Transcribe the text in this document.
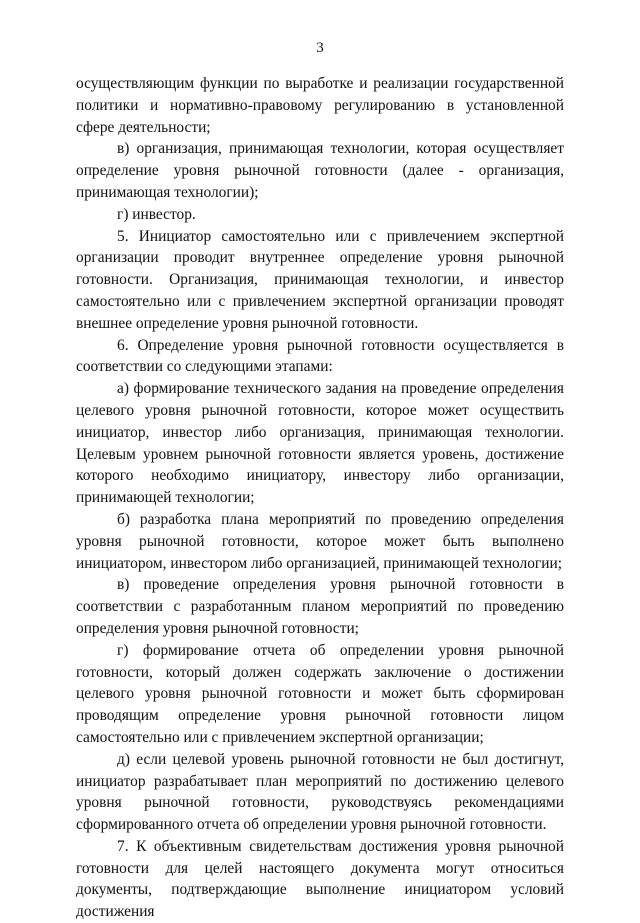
3

осуществляющим функции по выработке и реализации государственной политики и нормативно-правовому регулированию в установленной сфере деятельности;

в) организация, принимающая технологии, которая осуществляет определение уровня рыночной готовности (далее - организация, принимающая технологии);

г) инвестор.

5. Инициатор самостоятельно или с привлечением экспертной организации проводит внутреннее определение уровня рыночной готовности. Организация, принимающая технологии, и инвестор самостоятельно или с привлечением экспертной организации проводят внешнее определение уровня рыночной готовности.

6. Определение уровня рыночной готовности осуществляется в соответствии со следующими этапами:

а) формирование технического задания на проведение определения целевого уровня рыночной готовности, которое может осуществить инициатор, инвестор либо организация, принимающая технологии. Целевым уровнем рыночной готовности является уровень, достижение которого необходимо инициатору, инвестору либо организации, принимающей технологии;

б) разработка плана мероприятий по проведению определения уровня рыночной готовности, которое может быть выполнено инициатором, инвестором либо организацией, принимающей технологии;

в) проведение определения уровня рыночной готовности в соответствии с разработанным планом мероприятий по проведению определения уровня рыночной готовности;

г) формирование отчета об определении уровня рыночной готовности, который должен содержать заключение о достижении целевого уровня рыночной готовности и может быть сформирован проводящим определение уровня рыночной готовности лицом самостоятельно или с привлечением экспертной организации;

д) если целевой уровень рыночной готовности не был достигнут, инициатор разрабатывает план мероприятий по достижению целевого уровня рыночной готовности, руководствуясь рекомендациями сформированного отчета об определении уровня рыночной готовности.

7. К объективным свидетельствам достижения уровня рыночной готовности для целей настоящего документа могут относиться документы, подтверждающие выполнение инициатором условий достижения
